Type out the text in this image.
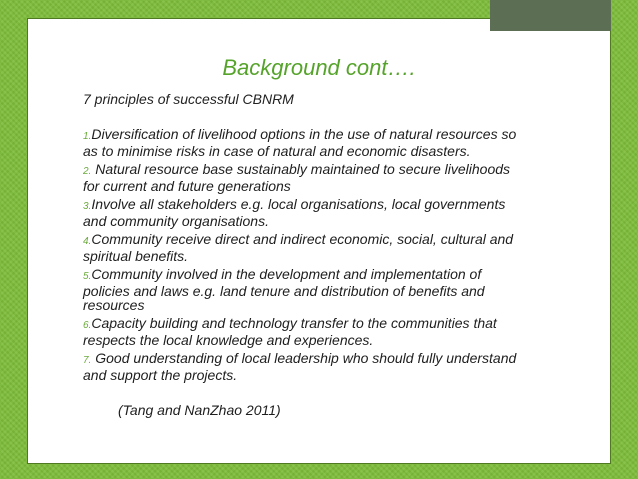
Background cont….

7 principles of successful CBNRM

1.Diversification of livelihood options in the use of natural resources so as to minimise risks in case of natural and economic disasters.
2. Natural resource base sustainably maintained to secure livelihoods for current and future generations
3.Involve all stakeholders e.g. local organisations, local governments and community organisations.
4.Community receive direct and indirect economic, social, cultural and spiritual benefits.
5.Community involved in the development and implementation of policies and laws e.g. land tenure and distribution of benefits and resources
6.Capacity building and technology transfer to the communities that respects the local knowledge and experiences.
7. Good understanding of local leadership who should fully understand and support the projects.

(Tang and NanZhao 2011)
